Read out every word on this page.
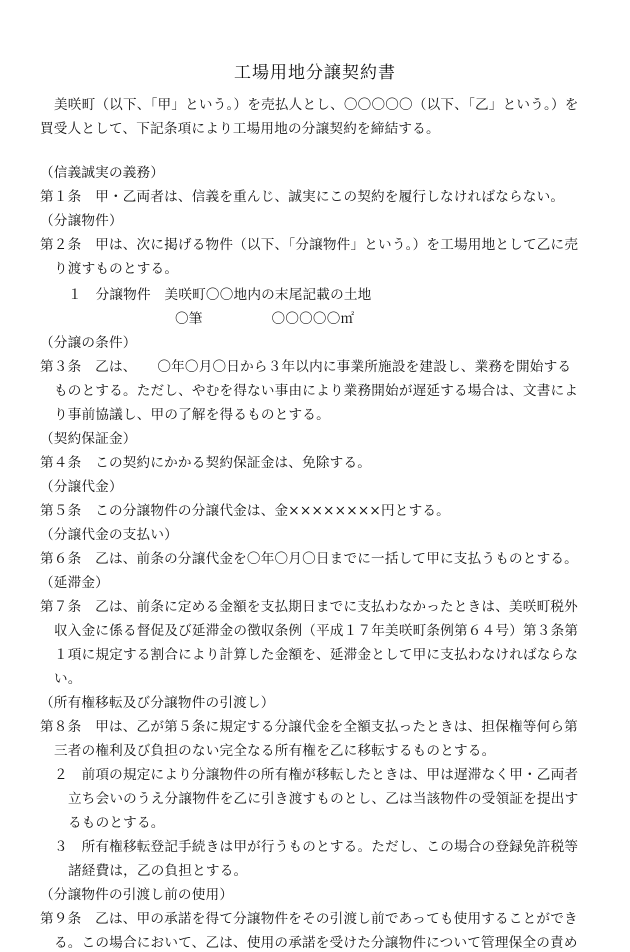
工場用地分譲契約書
美咲町（以下、「甲」という。）を売払人とし、〇〇〇〇〇（以下、「乙」という。）を
買受人として、下記条項により工場用地の分譲契約を締結する。
（信義誠実の義務）
第１条　甲・乙両者は、信義を重んじ、誠実にこの契約を履行しなければならない。
（分譲物件）
第２条　甲は、次に掲げる物件（以下、「分譲物件」という。）を工場用地として乙に売
り渡すものとする。
１　分譲物件　美咲町〇〇地内の末尾記載の土地
〇筆　　　　　〇〇〇〇〇㎡
（分譲の条件）
第３条　乙は、　　〇年〇月〇日から３年以内に事業所施設を建設し、業務を開始する
ものとする。ただし、やむを得ない事由により業務開始が遅延する場合は、文書によ
り事前協議し、甲の了解を得るものとする。
（契約保証金）
第４条　この契約にかかる契約保証金は、免除する。
（分譲代金）
第５条　この分譲物件の分譲代金は、金××××××××円とする。
（分譲代金の支払い）
第６条　乙は、前条の分譲代金を〇年〇月〇日までに一括して甲に支払うものとする。
（延滞金）
第７条　乙は、前条に定める金額を支払期日までに支払わなかったときは、美咲町税外
収入金に係る督促及び延滞金の徴収条例（平成１７年美咲町条例第６４号）第３条第
１項に規定する割合により計算した金額を、延滞金として甲に支払わなければならな
い。
（所有権移転及び分譲物件の引渡し）
第８条　甲は、乙が第５条に規定する分譲代金を全額支払ったときは、担保権等何ら第
三者の権利及び負担のない完全なる所有権を乙に移転するものとする。
２　前項の規定により分譲物件の所有権が移転したときは、甲は遅滞なく甲・乙両者
立ち会いのうえ分譲物件を乙に引き渡すものとし、乙は当該物件の受領証を提出す
るものとする。
３　所有権移転登記手続きは甲が行うものとする。ただし、この場合の登録免許税等
諸経費は，乙の負担とする。
（分譲物件の引渡し前の使用）
第９条　乙は、甲の承諾を得て分譲物件をその引渡し前であっても使用することができ
る。この場合において、乙は、使用の承諾を受けた分譲物件について管理保全の責め
